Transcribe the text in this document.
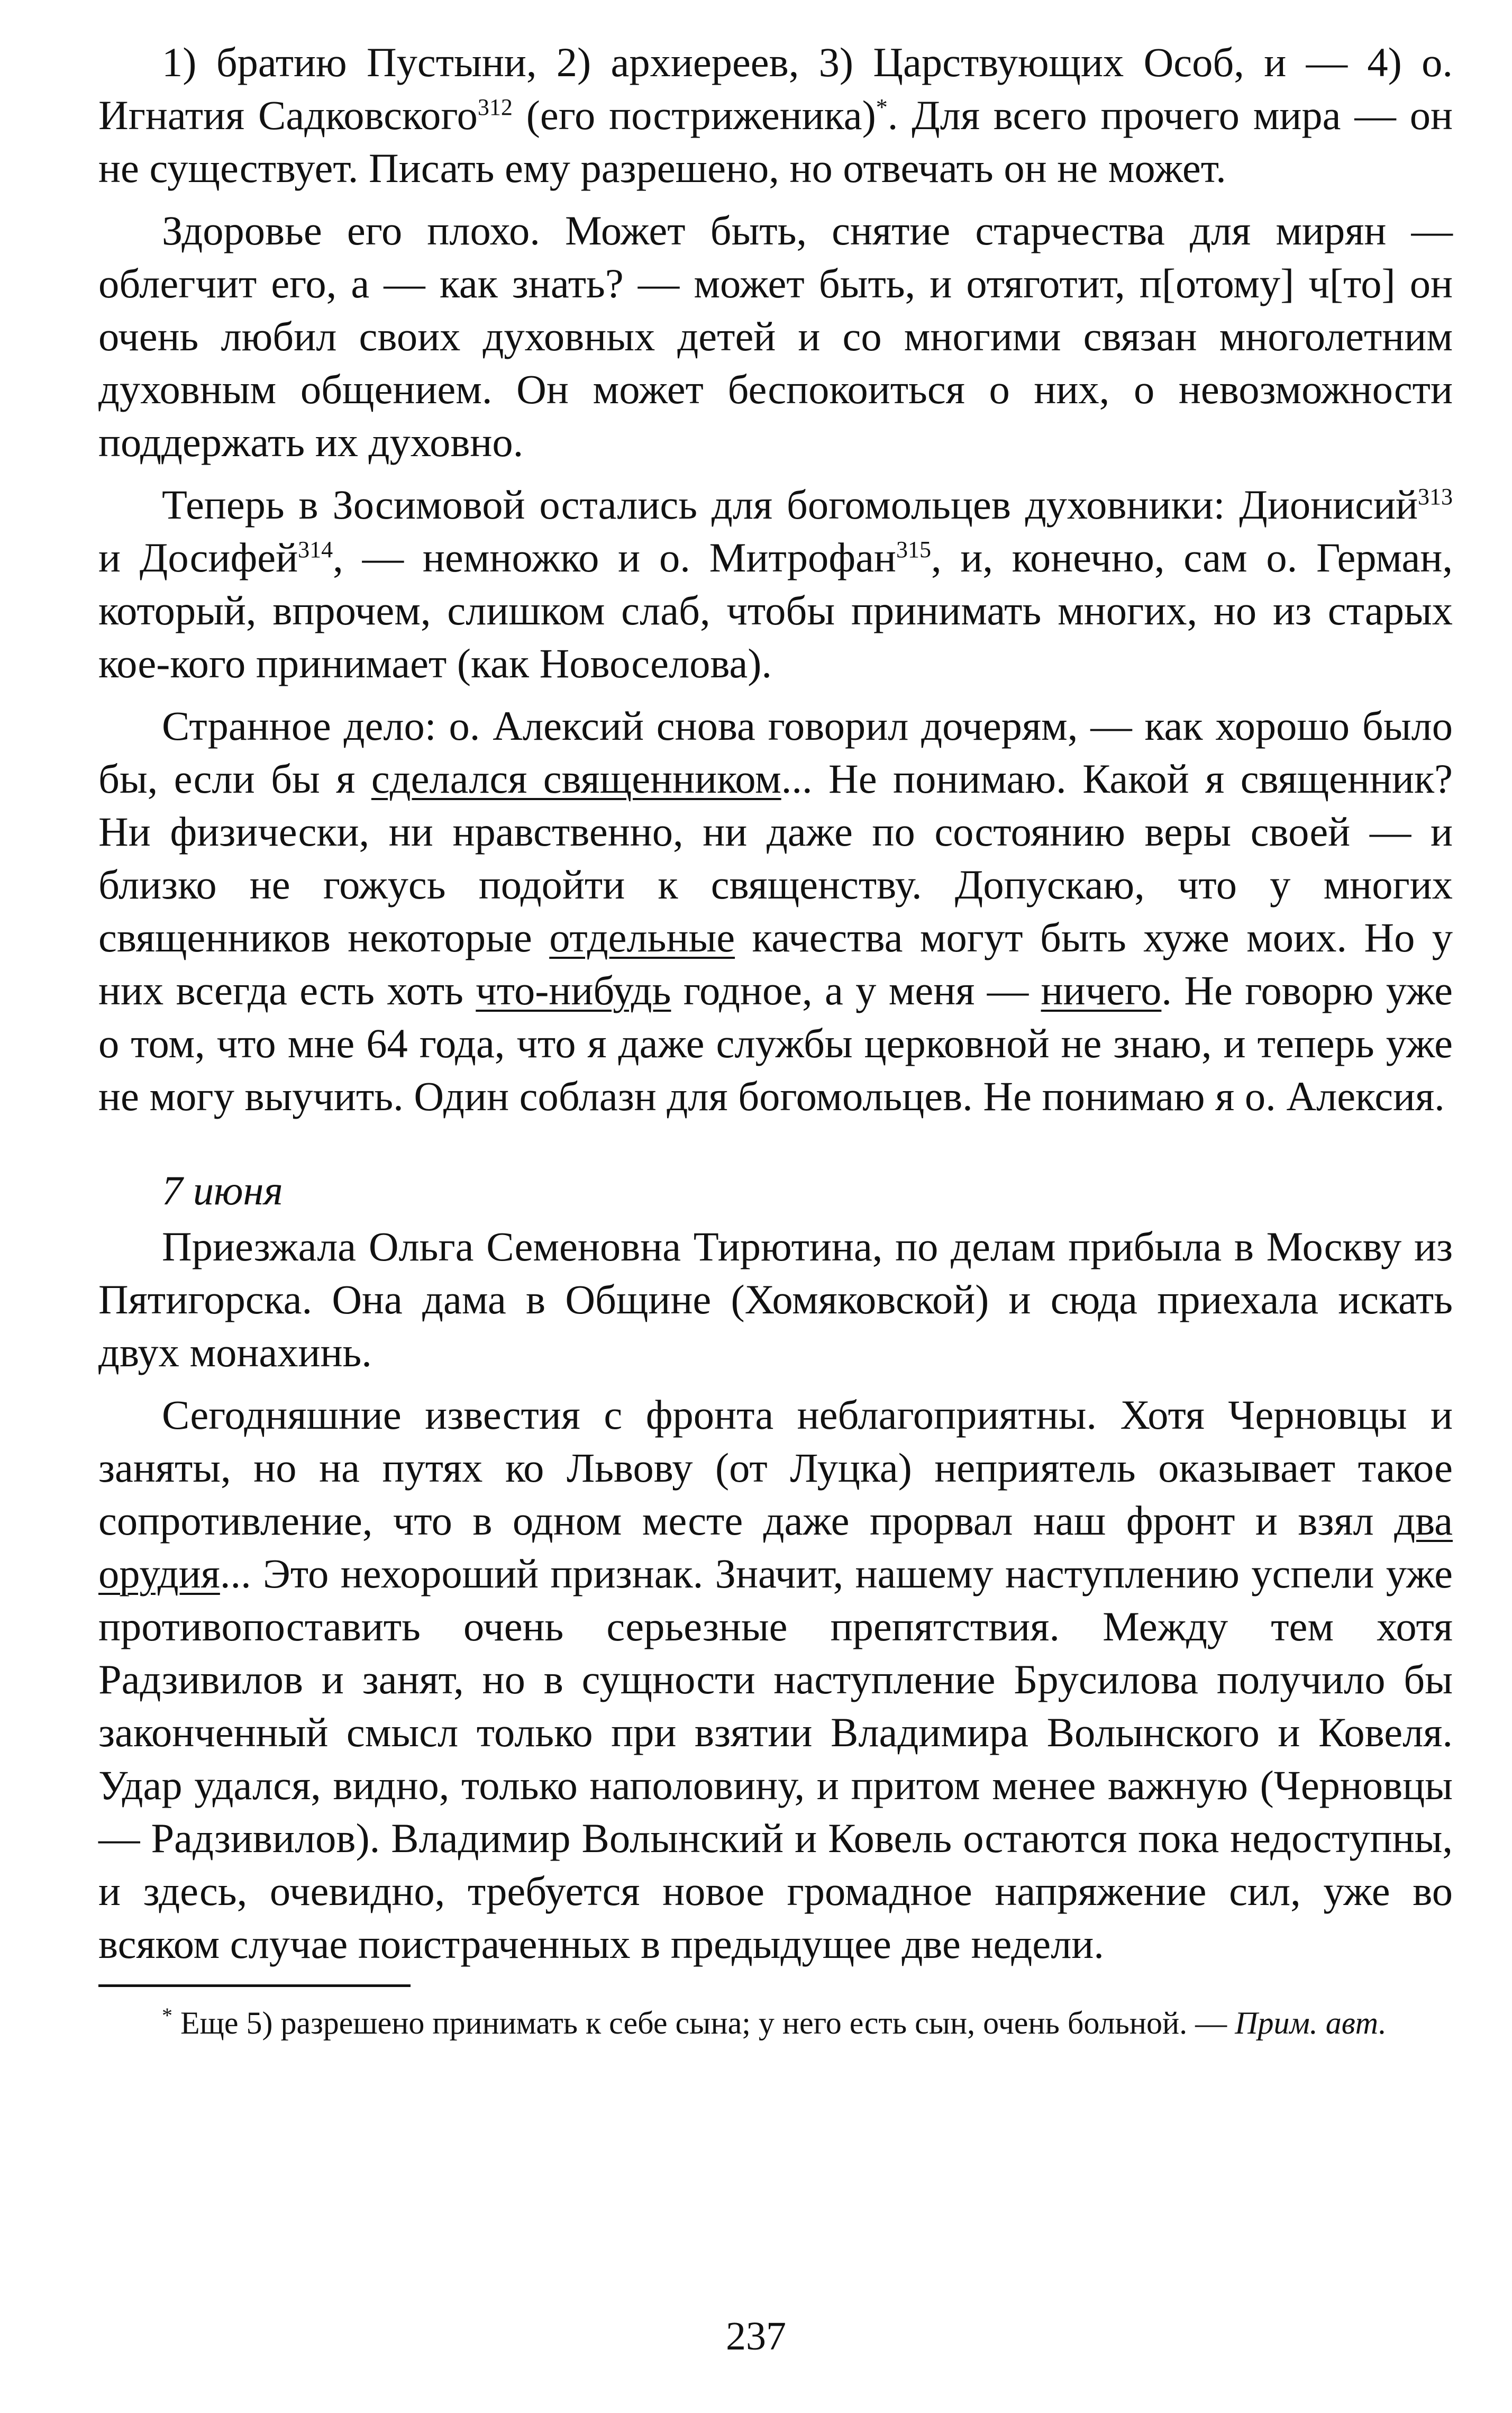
1) братию Пустыни, 2) архиереев, 3) Царствующих Особ, и — 4) о. Игнатия Садковского$^{312}$ (его постриженика)*. Для всего прочего мира — он не существует. Писать ему разрешено, но отвечать он не может.

Здоровье его плохо. Может быть, снятие старчества для мирян — облегчит его, а — как знать? — может быть, и отяготит, п[отому] ч[то] он очень любил своих духовных детей и со многими связан многолетним духовным общением. Он может беспокоиться о них, о невозможности поддержать их духовно.

Теперь в Зосимовой остались для богомольцев духовники: Дионисий$^{313}$ и Досифей$^{314}$, — немножко и о. Митрофан$^{315}$, и, конечно, сам о. Герман, который, впрочем, слишком слаб, чтобы принимать многих, но из старых кое-кого принимает (как Новоселова).

Странное дело: о. Алексий снова говорил дочерям, — как хорошо было бы, если бы я сделался священником... Не понимаю. Какой я священник? Ни физически, ни нравственно, ни даже по состоянию веры своей — и близко не гожусь подойти к священству. Допускаю, что у многих священников некоторые отдельные качества могут быть хуже моих. Но у них всегда есть хоть что-нибудь годное, а у меня — ничего. Не говорю уже о том, что мне 64 года, что я даже службы церковной не знаю, и теперь уже не могу выучить. Один соблазн для богомольцев. Не понимаю я о. Алексия.

7 июня

Приезжала Ольга Семеновна Тирютина, по делам прибыла в Москву из Пятигорска. Она дама в Общине (Хомяковской) и сюда приехала искать двух монахинь.

Сегодняшние известия с фронта неблагоприятны. Хотя Черновцы и заняты, но на путях ко Львову (от Луцка) неприятель оказывает такое сопротивление, что в одном месте даже прорвал наш фронт и взял два орудия... Это нехороший признак. Значит, нашему наступлению успели уже противопоставить очень серьезные препятствия. Между тем хотя Радзивилов и занят, но в сущности наступление Брусилова получило бы законченный смысл только при взятии Владимира Волынского и Ковеля. Удар удался, видно, только наполовину, и притом менее важную (Черновцы — Радзивилов). Владимир Волынский и Ковель остаются пока недоступны, и здесь, очевидно, требуется новое громадное напряжение сил, уже во всяком случае поистраченных в предыдущее две недели.

* Еще 5) разрешено принимать к себе сына; у него есть сын, очень больной. — Прим. авт.

237
